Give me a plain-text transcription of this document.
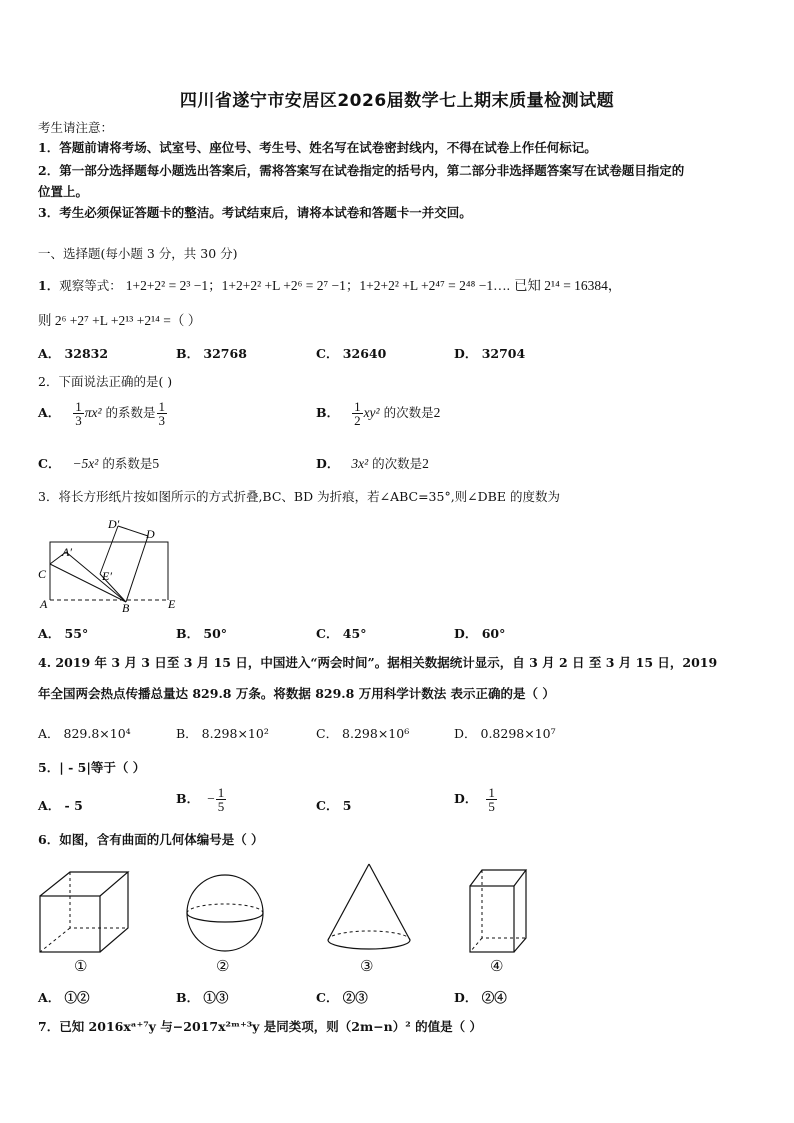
四川省遂宁市安居区2026届数学七上期末质量检测试题
考生请注意：
1．答题前请将考场、试室号、座位号、考生号、姓名写在试卷密封线内，不得在试卷上作任何标记。
2．第一部分选择题每小题选出答案后，需将答案写在试卷指定的括号内，第二部分非选择题答案写在试卷题目指定的
位置上。
3．考生必须保证答题卡的整洁。考试结束后，请将本试卷和答题卡一并交回。
一、选择题(每小题 3 分，共 30 分)
1．观察等式： 1+2+2² = 2³ −1；1+2+2² +L +2⁶ = 2⁷ −1；1+2+2² +L +2⁴⁷ = 2⁴⁸ −1…. 已知 2¹⁴ = 16384，
则 2⁶ +2⁷ +L +2¹³ +2¹⁴ =（ ）
A． 32832	B． 32768	C． 32640	D． 32704
2．下面说法正确的是( )
A． $\frac{1}{3} \pi x^2$ 的系数是 $\frac{1}{3}$	B． $\frac{1}{2} xy^2$ 的次数是2
C． −5x² 的系数是5	D． 3x² 的次数是2
3．将长方形纸片按如图所示的方式折叠,BC、BD 为折痕，若∠ABC=35°,则∠DBE 的度数为
D′
D
A′
E′
C
A	B	E
A． 55°	B． 50°	C． 45°	D． 60°
4. 2019 年 3 月 3 日至 3 月 15 日，中国进入“两会时间”。据相关数据统计显示，自 3 月 2 日 至 3 月 15 日，2019
年全国两会热点传播总量达 829.8 万条。将数据 829.8 万用科学计数法 表示正确的是（ ）
A． 829.8×10⁴	B． 8.298×10²	C． 8.298×10⁶	D． 0.8298×10⁷
5．| - 5|等于（ ）
A． - 5	B． − $\frac{1}{5}$	C． 5	D． $\frac{1}{5}$
6．如图，含有曲面的几何体编号是（ ）
①	②	③	④
A． ①②	B． ①③	C． ②③	D． ②④
7．已知 2016xᵃ⁺⁷y 与−2017x²ᵐ⁺³y 是同类项，则（2m−n）² 的值是（ ）
